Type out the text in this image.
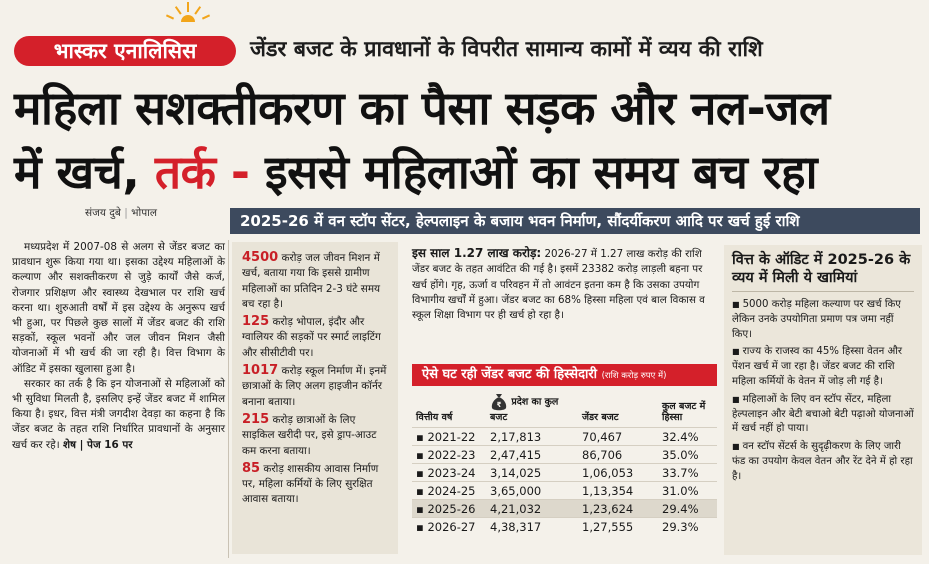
भास्कर एनालिसिस	जेंडर बजट के प्रावधानों के विपरीत सामान्य कामों में व्यय की राशि
महिला सशक्तीकरण का पैसा सड़क और नल-जल
में खर्च, तर्क - इससे महिलाओं का समय बच रहा
संजय दुबे | भोपाल	2025-26 में वन स्टॉप सेंटर, हेल्पलाइन के बजाय भवन निर्माण, सौंदर्यीकरण आदि पर खर्च हुई राशि

मध्यप्रदेश में 2007-08 से अलग से जेंडर बजट का प्रावधान शुरू किया गया था। इसका उद्देश्य महिलाओं के कल्याण और सशक्तीकरण से जुड़े कार्यों जैसे कर्ज, रोजगार प्रशिक्षण और स्वास्थ्य देखभाल पर राशि खर्च करना था। शुरुआती वर्षों में इस उद्देश्य के अनुरूप खर्च भी हुआ, पर पिछले कुछ सालों में जेंडर बजट की राशि सड़कों, स्कूल भवनों और जल जीवन मिशन जैसी योजनाओं में भी खर्च की जा रही है। वित्त विभाग के ऑडिट में इसका खुलासा हुआ है।

सरकार का तर्क है कि इन योजनाओं से महिलाओं को भी सुविधा मिलती है, इसलिए इन्हें जेंडर बजट में शामिल किया है। इधर, वित्त मंत्री जगदीश देवड़ा का कहना है कि जेंडर बजट के तहत राशि निर्धारित प्रावधानों के अनुसार खर्च कर रहे। शेष | पेज 16 पर

4500 करोड़ जल जीवन मिशन में खर्च, बताया गया कि इससे ग्रामीण महिलाओं का प्रतिदिन 2-3 घंटे समय बच रहा है।
125 करोड़ भोपाल, इंदौर और ग्वालियर की सड़कों पर स्मार्ट लाइटिंग और सीसीटीवी पर।
1017 करोड़ स्कूल निर्माण में। इनमें छात्राओं के लिए अलग हाइजीन कॉर्नर बनाना बताया।
215 करोड़ छात्राओं के लिए साइकिल खरीदी पर, इसे ड्राप-आउट कम करना बताया।
85 करोड़ शासकीय आवास निर्माण पर, महिला कर्मियों के लिए सुरक्षित आवास बताया।
इस साल 1.27 लाख करोड़: 2026-27 में 1.27 लाख करोड़ की राशि जेंडर बजट के तहत आवंटित की गई है। इसमें 23382 करोड़ लाड़ली बहना पर खर्च होंगे। गृह, ऊर्जा व परिवहन में तो आवंटन इतना कम है कि उसका उपयोग विभागीय खर्चों में हुआ। जेंडर बजट का 68% हिस्सा महिला एवं बाल विकास व स्कूल शिक्षा विभाग पर ही खर्च हो रहा है।
ऐसे घट रही जेंडर बजट की हिस्सेदारी (राशि करोड़ रुपए में)
वित्तीय वर्ष	₹ प्रदेश का कुल बजट	जेंडर बजट	कुल बजट में हिस्सा
▪ 2021-22	2,17,813	70,467	32.4%
▪ 2022-23	2,47,415	86,706	35.0%
▪ 2023-24	3,14,025	1,06,053	33.7%
▪ 2024-25	3,65,000	1,13,354	31.0%
▪ 2025-26	4,21,032	1,23,624	29.4%
▪ 2026-27	4,38,317	1,27,555	29.3%
वित्त के ऑडिट में 2025-26 के व्यय में मिली ये खामियां
■ 5000 करोड़ महिला कल्याण पर खर्च किए लेकिन उनके उपयोगिता प्रमाण पत्र जमा नहीं किए।
■ राज्य के राजस्व का 45% हिस्सा वेतन और पेंशन खर्च में जा रहा है। जेंडर बजट की राशि महिला कर्मियों के वेतन में जोड़ ली गई है।
■ महिलाओं के लिए वन स्टॉप सेंटर, महिला हेल्पलाइन और बेटी बचाओ बेटी पढ़ाओ योजनाओं में खर्च नहीं हो पाया।
■ वन स्टॉप सेंटर्स के सुदृढ़ीकरण के लिए जारी फंड का उपयोग केवल वेतन और रेंट देने में हो रहा है।
